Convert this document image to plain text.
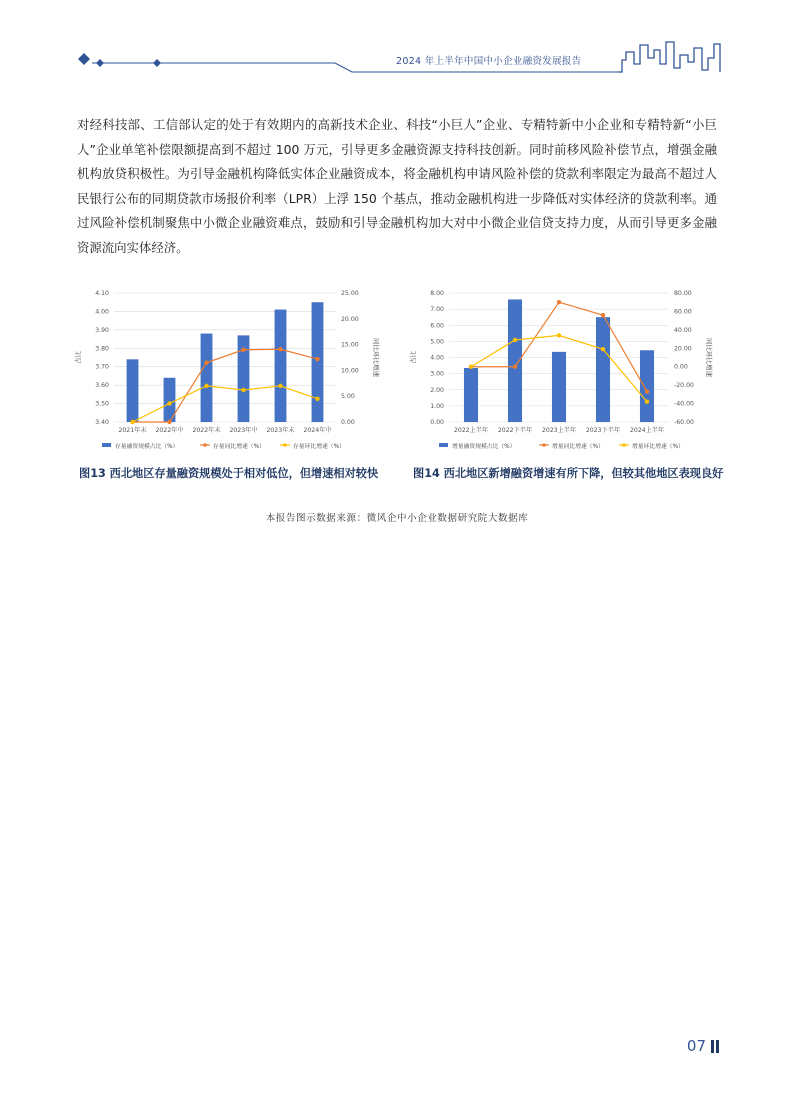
2024 年上半年中国中小企业融资发展报告

对经科技部、工信部认定的处于有效期内的高新技术企业、科技“小巨人”企业、专精特新中小企业和专精特新“小巨人”企业单笔补偿限额提高到不超过 100 万元，引导更多金融资源支持科技创新。同时前移风险补偿节点，增强金融机构放贷积极性。为引导金融机构降低实体企业融资成本，将金融机构申请风险补偿的贷款利率限定为最高不超过人民银行公布的同期贷款市场报价利率（LPR）上浮 150 个基点，推动金融机构进一步降低对实体经济的贷款利率。通过风险补偿机制聚焦中小微企业融资难点，鼓励和引导金融机构加大对中小微企业信贷支持力度，从而引导更多金融资源流向实体经济。

3.40
3.50
3.60
3.70
3.80
3.90
4.00
4.10
0.00
5.00
10.00
15.00
20.00
25.00
占比	同比环比增速
2021年末 2022年中 2022年末 2023年中 2023年末 2024年中
存量融资规模占比（%）	存量同比增速（%）	存量环比增速（%）
图13 西北地区存量融资规模处于相对低位，但增速相对较快
0.00
1.00
2.00
3.00
4.00
5.00
6.00
7.00
8.00
-60.00
-40.00
-20.00
0.00
20.00
40.00
60.00
80.00
占比	同比环比增速
2022上半年 2022下半年 2023上半年 2023下半年 2024上半年
增量融资规模占比（%）	增量同比增速（%）	增量环比增速（%）
图14 西北地区新增融资增速有所下降，但较其他地区表现良好
本报告图示数据来源：微风企中小企业数据研究院大数据库
07
